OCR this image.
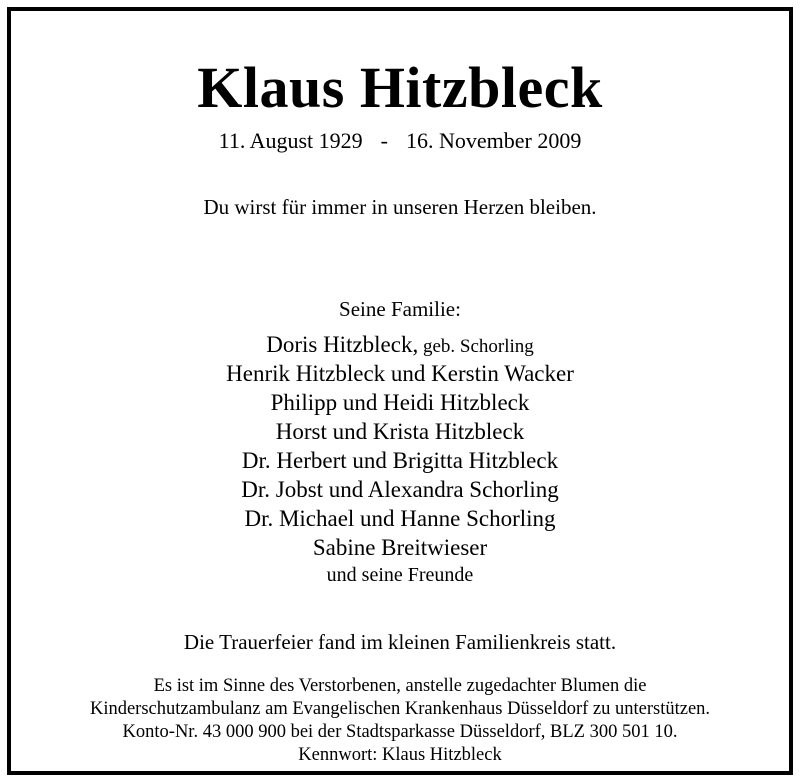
Klaus Hitzbleck
11. August 1929 - 16. November 2009
Du wirst für immer in unseren Herzen bleiben.
Seine Familie:
Doris Hitzbleck, geb. Schorling
Henrik Hitzbleck und Kerstin Wacker
Philipp und Heidi Hitzbleck
Horst und Krista Hitzbleck
Dr. Herbert und Brigitta Hitzbleck
Dr. Jobst und Alexandra Schorling
Dr. Michael und Hanne Schorling
Sabine Breitwieser
und seine Freunde
Die Trauerfeier fand im kleinen Familienkreis statt.
Es ist im Sinne des Verstorbenen, anstelle zugedachter Blumen die
Kinderschutzambulanz am Evangelischen Krankenhaus Düsseldorf zu unterstützen.
Konto-Nr. 43 000 900 bei der Stadtsparkasse Düsseldorf, BLZ 300 501 10.
Kennwort: Klaus Hitzbleck
